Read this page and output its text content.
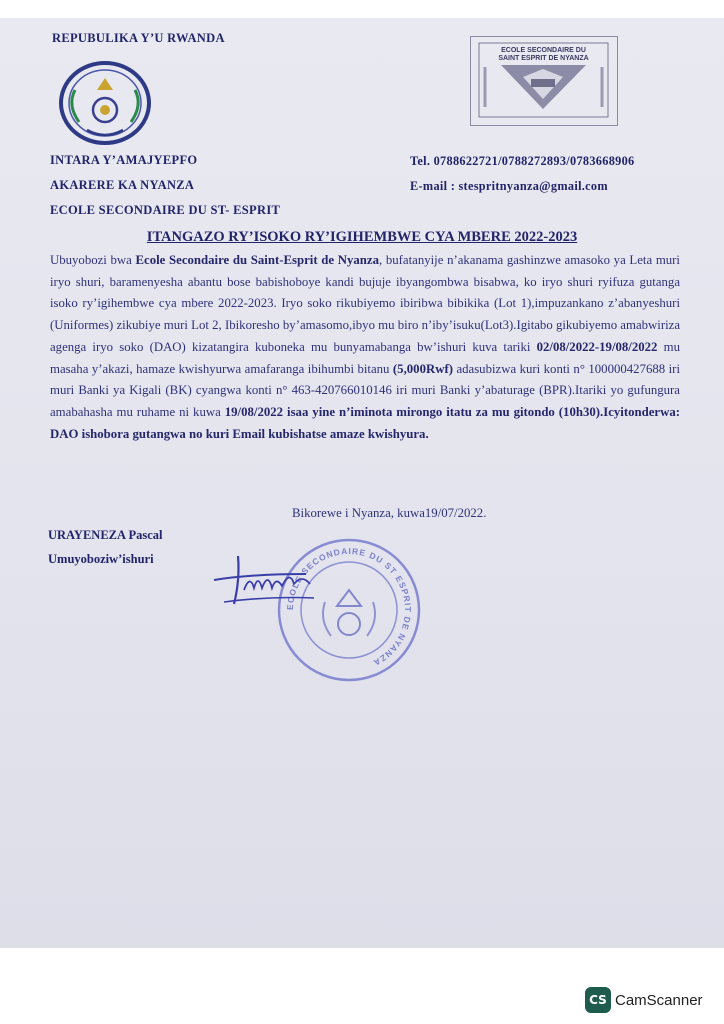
REPUBULIKA Y’U RWANDA
ECOLE SECONDAIRE DU
SAINT ESPRIT DE NYANZA
INTARA Y’AMAJYEPFO
AKARERE KA NYANZA
ECOLE SECONDAIRE DU ST- ESPRIT
Tel. 0788622721/0788272893/0783668906
E-mail : stespritnyanza@gmail.com
ITANGAZO RY’ISOKO RY’IGIHEMBWE CYA MBERE 2022-2023
Ubuyobozi bwa Ecole Secondaire du Saint-Esprit de Nyanza, bufatanyije n’akanama gashinzwe amasoko ya Leta muri iryo shuri, baramenyesha abantu bose babishoboye kandi bujuje ibyangombwa bisabwa, ko iryo shuri ryifuza gutanga isoko ry’igihembwe cya mbere 2022-2023. Iryo soko rikubiyemo ibiribwa bibikika (Lot 1),impuzankano z’abanyeshuri (Uniformes) zikubiye muri Lot 2, Ibikoresho by’amasomo,ibyo mu biro n’iby’isuku(Lot3).Igitabo gikubiyemo amabwiriza agenga iryo soko (DAO) kizatangira kuboneka mu bunyamabanga bw’ishuri kuva tariki 02/08/2022-19/08/2022 mu masaha y’akazi, hamaze kwishyurwa amafaranga ibihumbi bitanu (5,000Rwf) adasubizwa kuri konti n° 100000427688 iri muri Banki ya Kigali (BK) cyangwa konti n° 463-420766010146 iri muri Banki y’abaturage (BPR).Itariki yo gufungura amabahasha mu ruhame ni kuwa 19/08/2022 isaa yine n’iminota mirongo itatu za mu gitondo (10h30).Icyitonderwa: DAO ishobora gutangwa no kuri Email kubishatse amaze kwishyura.
Bikorewe i Nyanza, kuwa19/07/2022.
URAYENEZA Pascal
Umuyoboziw’ishuri
ECOLE SECONDAIRE DU ST ESPRIT DE NYANZA
CS CamScanner
